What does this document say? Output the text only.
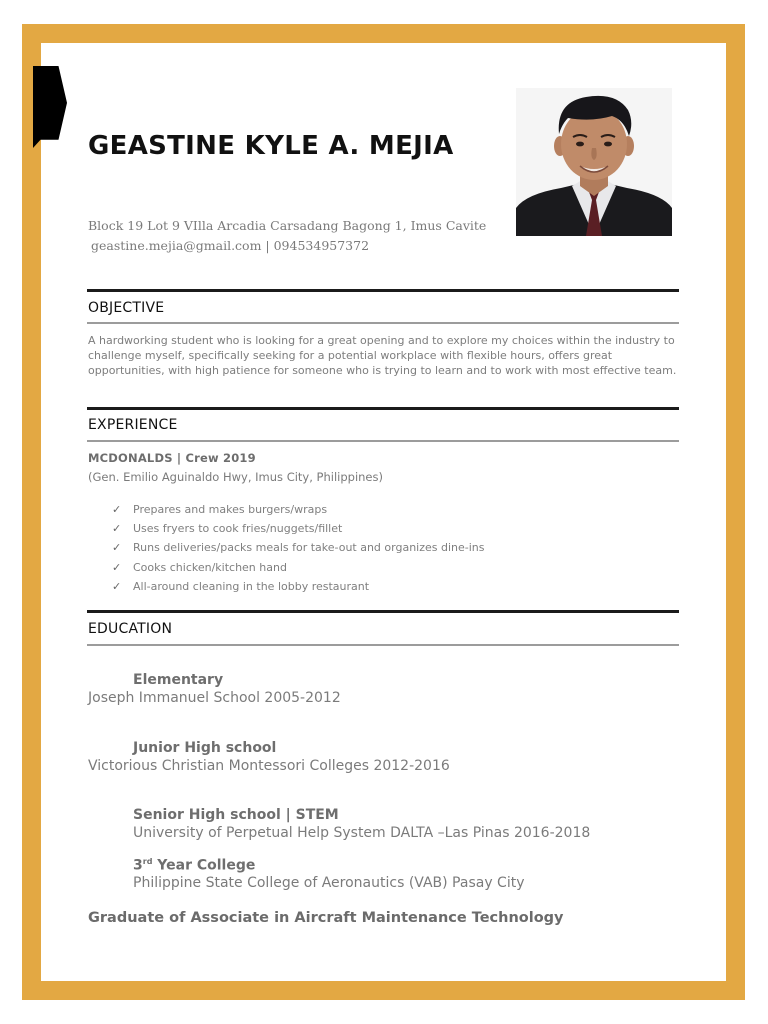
GEASTINE KYLE A. MEJIA
Block 19 Lot 9 VIlla Arcadia Carsadang Bagong 1, Imus Cavite
geastine.mejia@gmail.com | 094534957372
OBJECTIVE

A hardworking student who is looking for a great opening and to explore my choices within the industry to challenge myself, specifically seeking for a potential workplace with flexible hours, offers great opportunities, with high patience for someone who is trying to learn and to work with most effective team.

EXPERIENCE
MCDONALDS | Crew 2019
(Gen. Emilio Aguinaldo Hwy, Imus City, Philippines)
✓	Prepares and makes burgers/wraps
✓	Uses fryers to cook fries/nuggets/fillet
✓	Runs deliveries/packs meals for take-out and organizes dine-ins
✓	Cooks chicken/kitchen hand
✓	All-around cleaning in the lobby restaurant
EDUCATION
Elementary
Joseph Immanuel School 2005-2012
Junior High school
Victorious Christian Montessori Colleges 2012-2016
Senior High school | STEM
University of Perpetual Help System DALTA –Las Pinas 2016-2018
3rd Year College
Philippine State College of Aeronautics (VAB) Pasay City
Graduate of Associate in Aircraft Maintenance Technology
